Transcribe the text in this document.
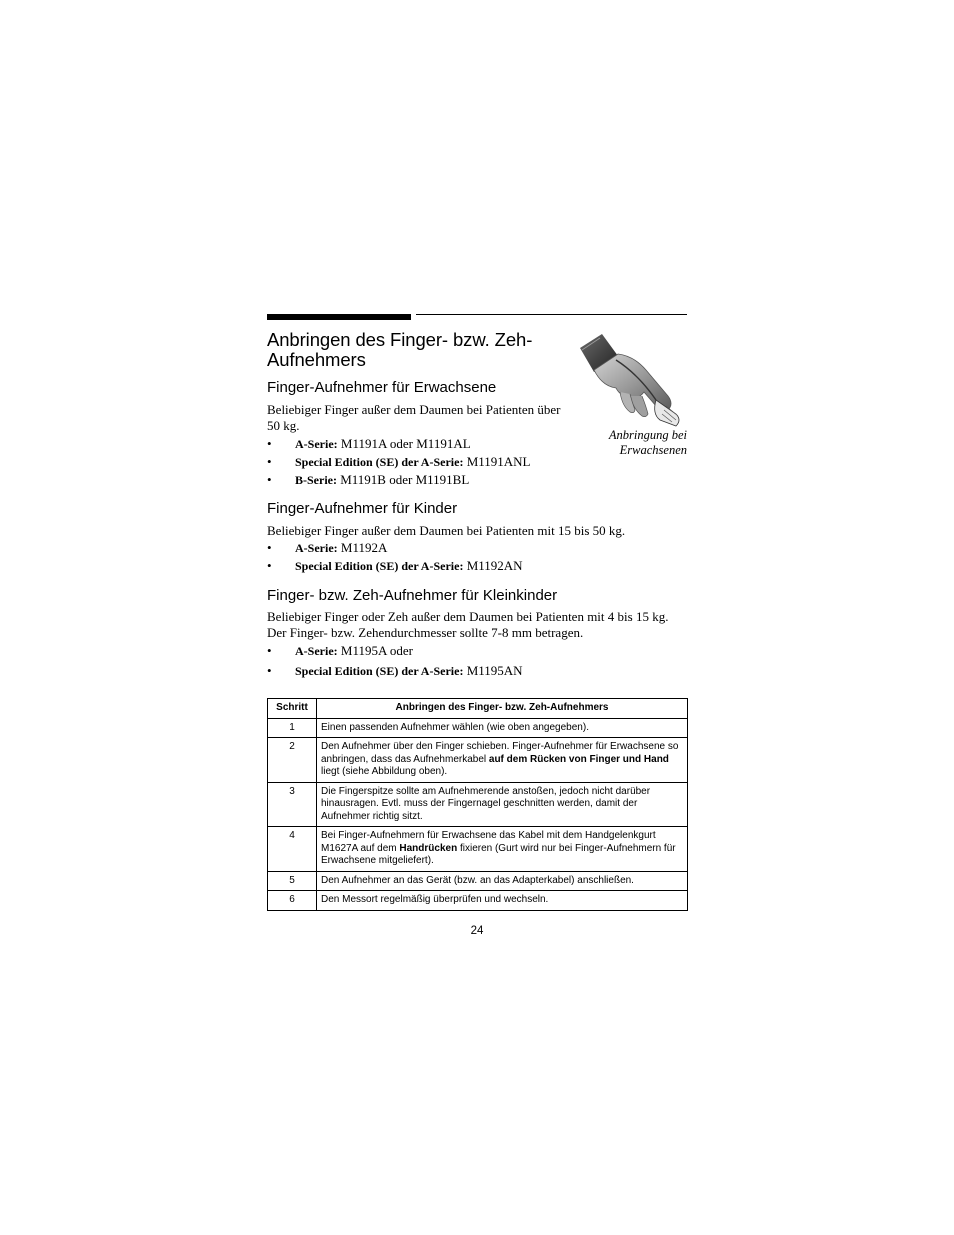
Anbringen des Finger- bzw. Zeh-Aufnehmers
Anbringung bei
Erwachsenen
Finger-Aufnehmer für Erwachsene

Beliebiger Finger außer dem Daumen bei Patienten über 50 kg.

• A-Serie: M1191A oder M1191AL
• Special Edition (SE) der A-Serie: M1191ANL
• B-Serie: M1191B oder M1191BL
Finger-Aufnehmer für Kinder

Beliebiger Finger außer dem Daumen bei Patienten mit 15 bis 50 kg.

• A-Serie: M1192A
• Special Edition (SE) der A-Serie: M1192AN
Finger- bzw. Zeh-Aufnehmer für Kleinkinder

Beliebiger Finger oder Zeh außer dem Daumen bei Patienten mit 4 bis 15 kg. Der Finger- bzw. Zehendurchmesser sollte 7-8 mm betragen.

• A-Serie: M1195A oder
• Special Edition (SE) der A-Serie: M1195AN
Schritt	Anbringen des Finger- bzw. Zeh-Aufnehmers
1	Einen passenden Aufnehmer wählen (wie oben angegeben).
2	Den Aufnehmer über den Finger schieben. Finger-Aufnehmer für Erwachsene so anbringen, dass das Aufnehmerkabel auf dem Rücken von Finger und Hand liegt (siehe Abbildung oben).
3	Die Fingerspitze sollte am Aufnehmerende anstoßen, jedoch nicht darüber hinausragen. Evtl. muss der Fingernagel geschnitten werden, damit der Aufnehmer richtig sitzt.
4	Bei Finger-Aufnehmern für Erwachsene das Kabel mit dem Handgelenkgurt M1627A auf dem Handrücken fixieren (Gurt wird nur bei Finger-Aufnehmern für Erwachsene mitgeliefert).
5	Den Aufnehmer an das Gerät (bzw. an das Adapterkabel) anschließen.
6	Den Messort regelmäßig überprüfen und wechseln.
24
